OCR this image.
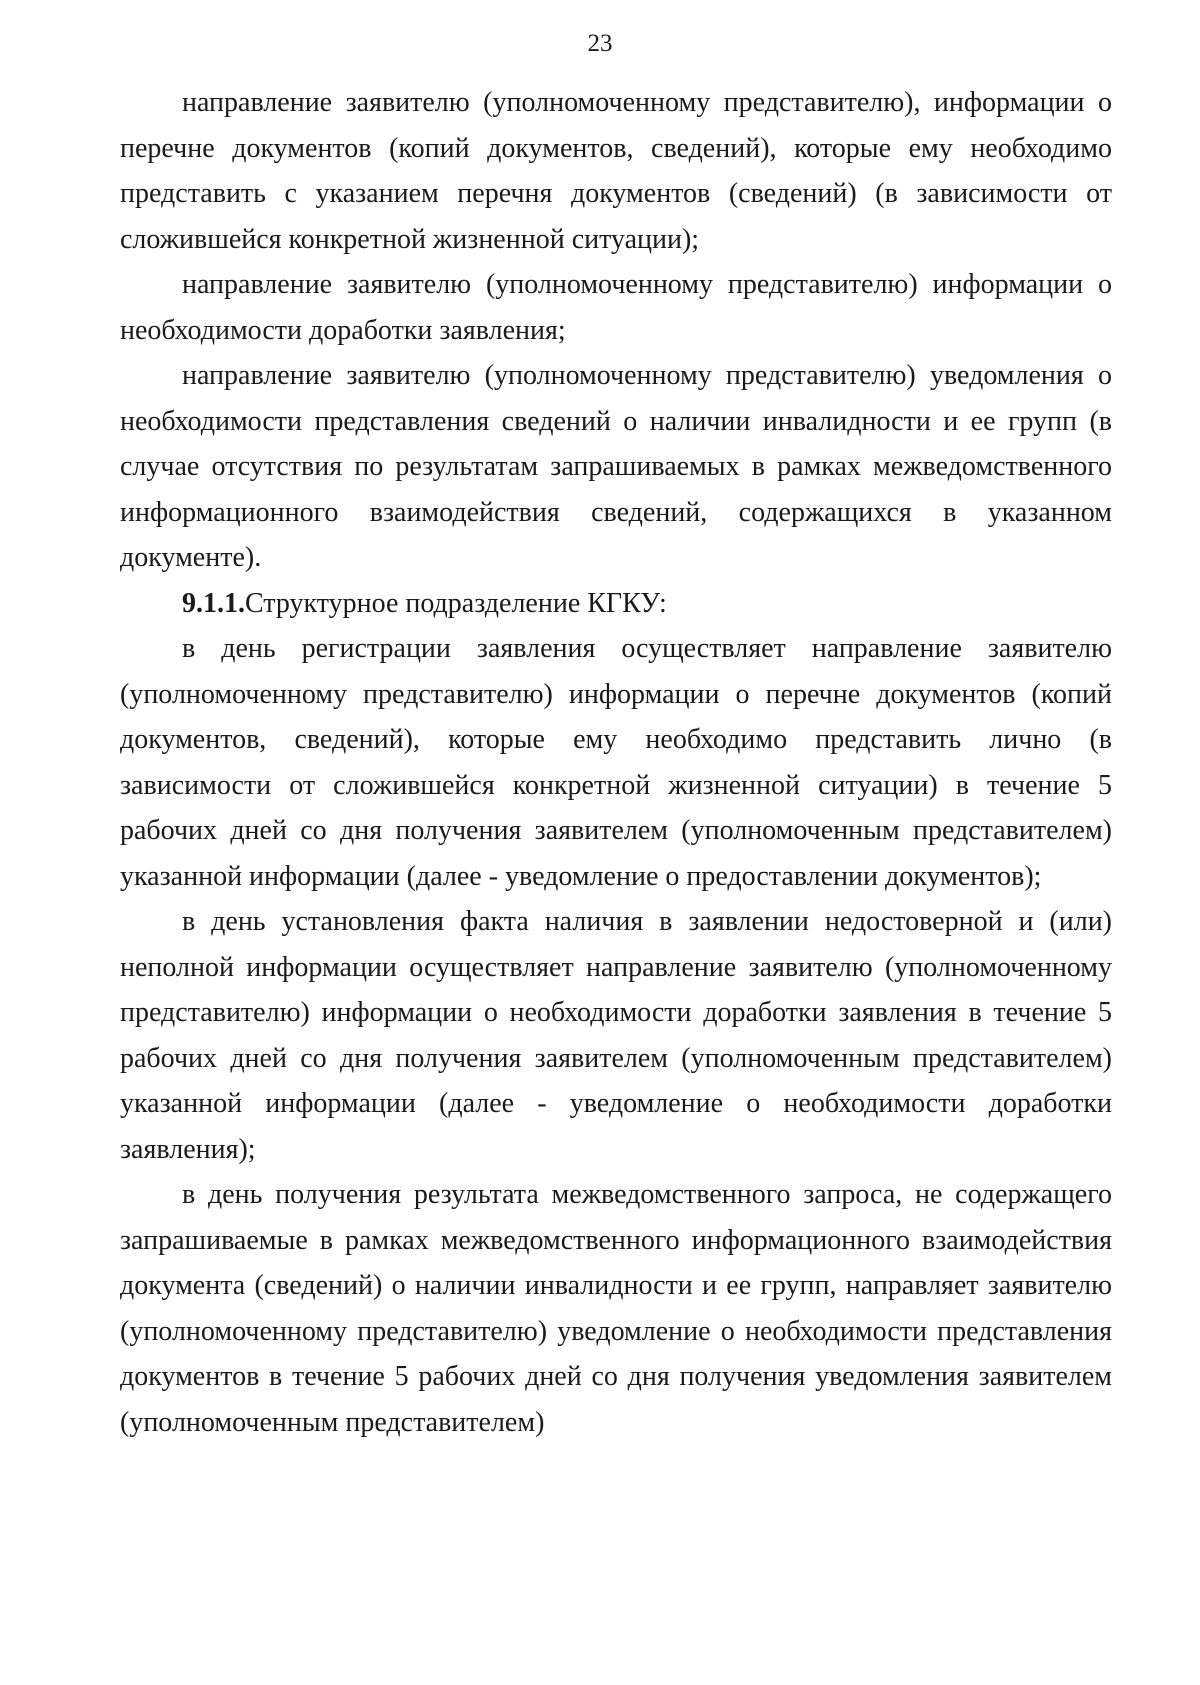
23

направление заявителю (уполномоченному представителю), информации о перечне документов (копий документов, сведений), которые ему необходимо представить с указанием перечня документов (сведений) (в зависимости от сложившейся конкретной жизненной ситуации);

направление заявителю (уполномоченному представителю) информации о необходимости доработки заявления;

направление заявителю (уполномоченному представителю) уведомления о необходимости представления сведений о наличии инвалидности и ее групп (в случае отсутствия по результатам запрашиваемых в рамках межведомственного информационного взаимодействия сведений, содержащихся в указанном документе).

9.1.1.Структурное подразделение КГКУ:

в день регистрации заявления осуществляет направление заявителю (уполномоченному представителю) информации о перечне документов (копий документов, сведений), которые ему необходимо представить лично (в зависимости от сложившейся конкретной жизненной ситуации) в течение 5 рабочих дней со дня получения заявителем (уполномоченным представителем) указанной информации (далее - уведомление о предоставлении документов);

в день установления факта наличия в заявлении недостоверной и (или) неполной информации осуществляет направление заявителю (уполномоченному представителю) информации о необходимости доработки заявления в течение 5 рабочих дней со дня получения заявителем (уполномоченным представителем) указанной информации (далее - уведомление о необходимости доработки заявления);

в день получения результата межведомственного запроса, не содержащего запрашиваемые в рамках межведомственного информационного взаимодействия документа (сведений) о наличии инвалидности и ее групп, направляет заявителю (уполномоченному представителю) уведомление о необходимости представления документов в течение 5 рабочих дней со дня получения уведомления заявителем (уполномоченным представителем)
